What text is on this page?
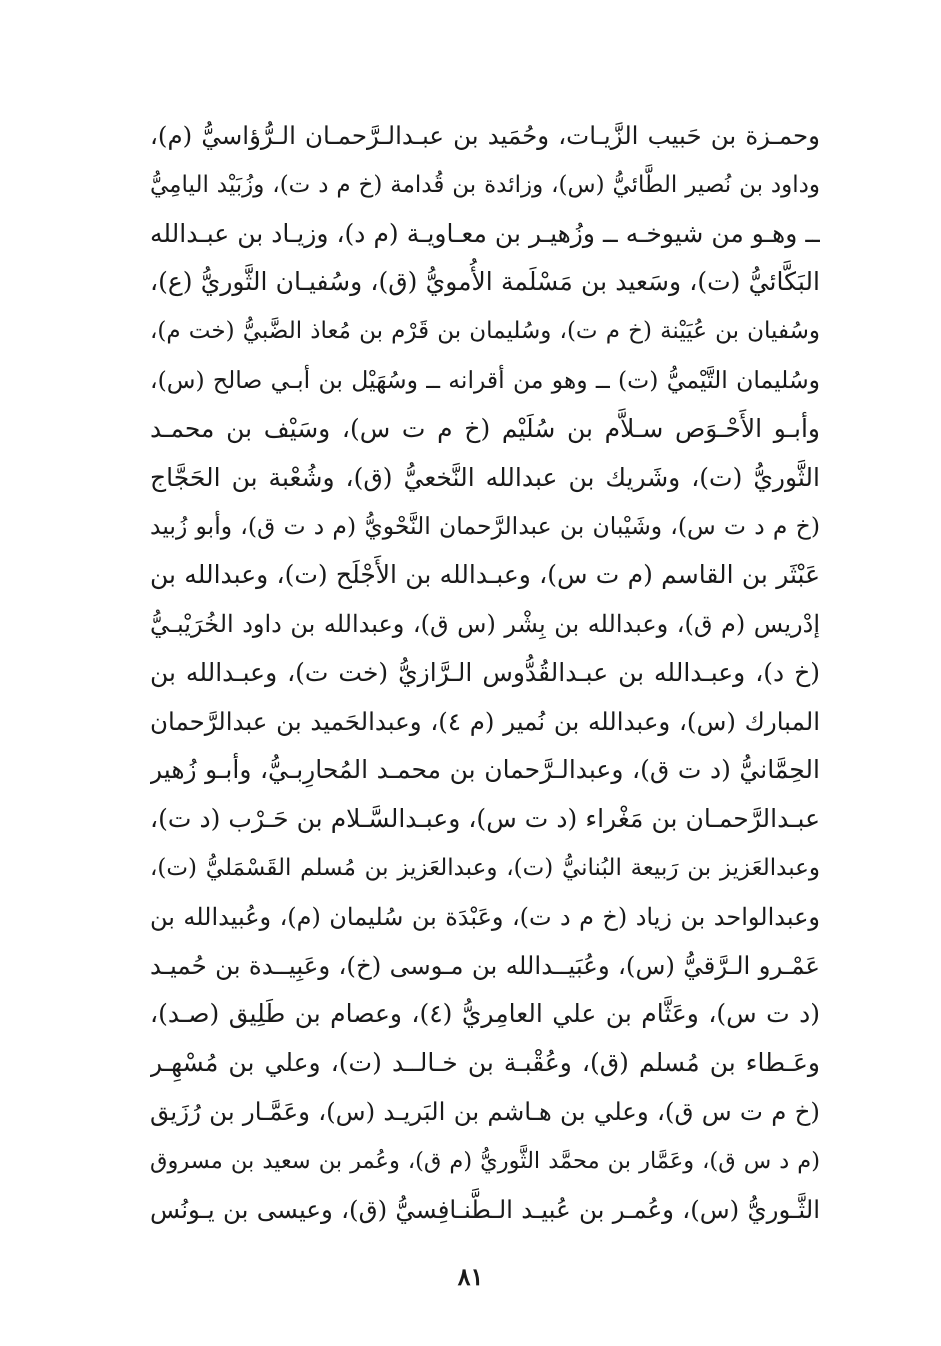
وحمـزة بن حَبيب الزَّيـات، وحُمَيد بن عبـدالـرَّحمـان الـرُّؤاسيُّ (م)،
وداود بن نُصير الطَّائيُّ (س)، وزائدة بن قُدامة (خ م د ت)، وزُبَيْد اليامِيُّ
ــ وهـو من شيوخـه ــ وزُهيـر بن معـاويـة (م د)، وزيـاد بن عبـدالله
البَكَّائيُّ (ت)، وسَعيد بن مَسْلَمة الأُمويُّ (ق)، وسُفيـان الثَّوريُّ (ع)،
وسُفيان بن عُيَيْنة (خ م ت)، وسُليمان بن قَرْم بن مُعاذ الضَّبيُّ (خت م)،
وسُليمان التَّيْميُّ (ت) ــ وهو من أقرانه ــ وسُهَيْل بن أبـي صالح (س)،
وأبـو الأَحْـوَص سـلاَّم بن سُلَيْم (خ م ت س)، وسَيْف بن محمـد
الثَّوريُّ (ت)، وشَريك بن عبدالله النَّخعيُّ (ق)، وشُعْبة بن الحَجَّاج
(خ م د ت س)، وشَيْبان بن عبدالرَّحمان النَّحْويُّ (م د ت ق)، وأبو زُبيد
عَبْثَر بن القاسم (م ت س)، وعبـدالله بن الأَجْلَح (ت)، وعبدالله بن
إدْريس (م ق)، وعبدالله بن بِشْر (س ق)، وعبدالله بن داود الخُرَيْبـيُّ
(خ د)، وعبـدالله بن عبـدالقُدُّوس الـرَّازيُّ (خت ت)، وعبـدالله بن
المبارك (س)، وعبدالله بن نُمير (م ٤)، وعبدالحَميد بن عبدالرَّحمان
الحِمَّانيُّ (د ت ق)، وعبدالـرَّحمان بن محمـد المُحارِبـيُّ، وأبـو زُهير
عبـدالرَّحمـان بن مَغْراء (د ت س)، وعبـدالسَّـلام بن حَـرْب (د ت)،
وعبدالعَزيز بن رَبيعة البُنانيُّ (ت)، وعبدالعَزيز بن مُسلم القَسْمَليُّ (ت)،
وعبدالواحد بن زياد (خ م د ت)، وعَبْدَة بن سُليمان (م)، وعُبيدالله بن
عَمْـرو الـرَّقيُّ (س)، وعُبَيــدالله بن مـوسى (خ)، وعَبِيــدة بن حُميـد
(د ت س)، وعَثَّام بن علي العامِريُّ (٤)، وعصام بن طَلِيق (صـد)،
وعَـطاء بن مُسلم (ق)، وعُقْبـة بن خـالــد (ت)، وعلي بن مُسْهِـر
(خ م ت س ق)، وعلي بن هـاشم بن البَريـد (س)، وعَمَّـار بن رُزَيق
(م د س ق)، وعَمَّار بن محمَّد الثَّوريُّ (م ق)، وعُمر بن سعيد بن مسروق
الثَّـوريُّ (س)، وعُمـر بن عُبيـد الـطَّنـافِسيُّ (ق)، وعيسى بن يـونُس
٨١
